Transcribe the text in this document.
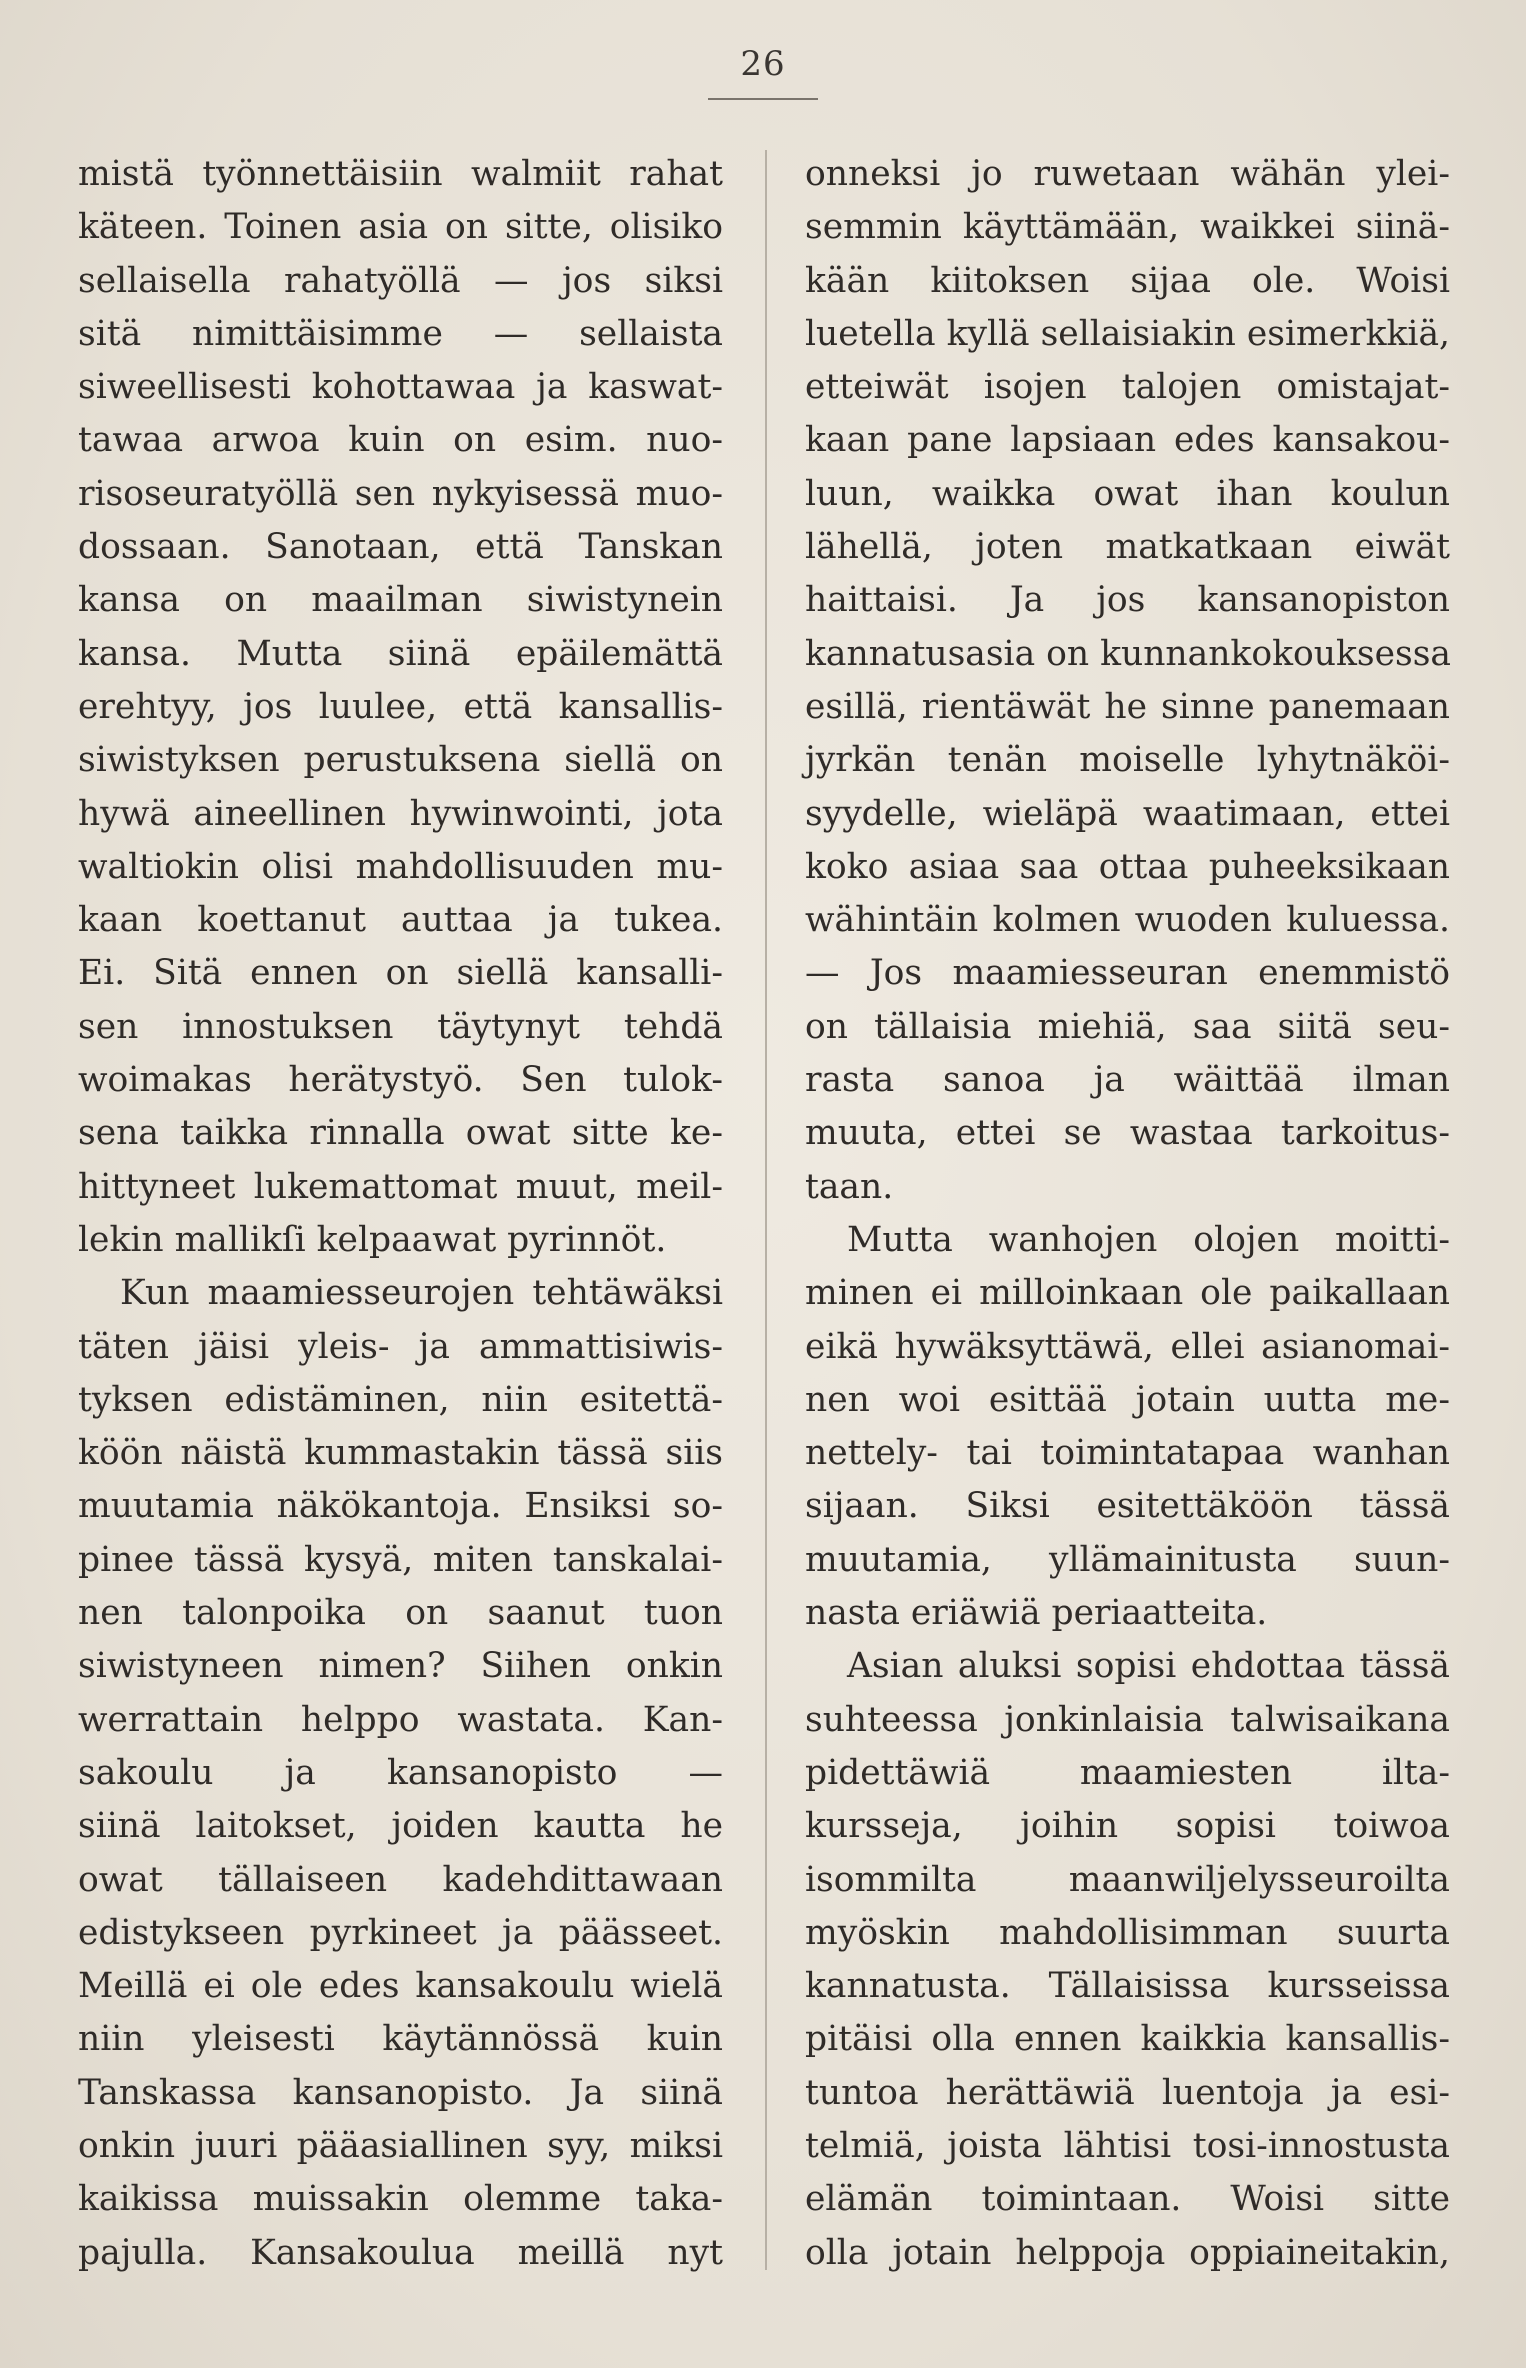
26
mistä työnnettäisiin walmiit rahat
käteen. Toinen asia on sitte, olisiko
sellaisella rahatyöllä — jos siksi
sitä nimittäisimme — sellaista
siweellisesti kohottawaa ja kaswat-
tawaa arwoa kuin on esim. nuo-
risoseuratyöllä sen nykyisessä muo-
dossaan. Sanotaan, että Tanskan
kansa on maailman siwistynein
kansa. Mutta siinä epäilemättä
erehtyy, jos luulee, että kansallis-
siwistyksen perustuksena siellä on
hywä aineellinen hywinwointi, jota
waltiokin olisi mahdollisuuden mu-
kaan koettanut auttaa ja tukea.
Ei. Sitä ennen on siellä kansalli-
sen innostuksen täytynyt tehdä
woimakas herätystyö. Sen tulok-
sena taikka rinnalla owat sitte ke-
hittyneet lukemattomat muut, meil-
lekin mallikſi kelpaawat pyrinnöt.
Kun maamiesseurojen tehtäwäksi
täten jäisi yleis- ja ammattisiwis-
tyksen edistäminen, niin esitettä-
köön näistä kummastakin tässä siis
muutamia näkökantoja. Ensiksi so-
pinee tässä kysyä, miten tanskalai-
nen talonpoika on saanut tuon
siwistyneen nimen? Siihen onkin
werrattain helppo wastata. Kan-
sakoulu ja kansanopisto —
siinä laitokset, joiden kautta he
owat tällaiseen kadehdittawaan
edistykseen pyrkineet ja päässeet.
Meillä ei ole edes kansakoulu wielä
niin yleisesti käytännössä kuin
Tanskassa kansanopisto. Ja siinä
onkin juuri pääasiallinen syy, miksi
kaikissa muissakin olemme taka-
pajulla. Kansakoulua meillä nyt
onneksi jo ruwetaan wähän ylei-
semmin käyttämään, waikkei siinä-
kään kiitoksen sijaa ole. Woisi
luetella kyllä sellaisiakin esimerkkiä,
etteiwät isojen talojen omistajat-
kaan pane lapsiaan edes kansakou-
luun, waikka owat ihan koulun
lähellä, joten matkatkaan eiwät
haittaisi. Ja jos kansanopiston
kannatusasia on kunnankokouksessa
esillä, rientäwät he sinne panemaan
jyrkän tenän moiselle lyhytnäköi-
syydelle, wieläpä waatimaan, ettei
koko asiaa saa ottaa puheeksikaan
wähintäin kolmen wuoden kuluessa.
— Jos maamiesseuran enemmistö
on tällaisia miehiä, saa siitä seu-
rasta sanoa ja wäittää ilman
muuta, ettei se wastaa tarkoitus-
taan.
Mutta wanhojen olojen moitti-
minen ei milloinkaan ole paikallaan
eikä hywäksyttäwä, ellei asianomai-
nen woi esittää jotain uutta me-
nettely- tai toimintatapaa wanhan
sijaan. Siksi esitettäköön tässä
muutamia, yllämainitusta suun-
nasta eriäwiä periaatteita.
Asian aluksi sopisi ehdottaa tässä
suhteessa jonkinlaisia talwisaikana
pidettäwiä maamiesten ilta-
kursseja, joihin sopisi toiwoa
isommilta maanwiljelysseuroilta
myöskin mahdollisimman suurta
kannatusta. Tällaisissa kursseissa
pitäisi olla ennen kaikkia kansallis-
tuntoa herättäwiä luentoja ja esi-
telmiä, joista lähtisi tosi-innostusta
elämän toimintaan. Woisi sitte
olla jotain helppoja oppiaineitakin,
